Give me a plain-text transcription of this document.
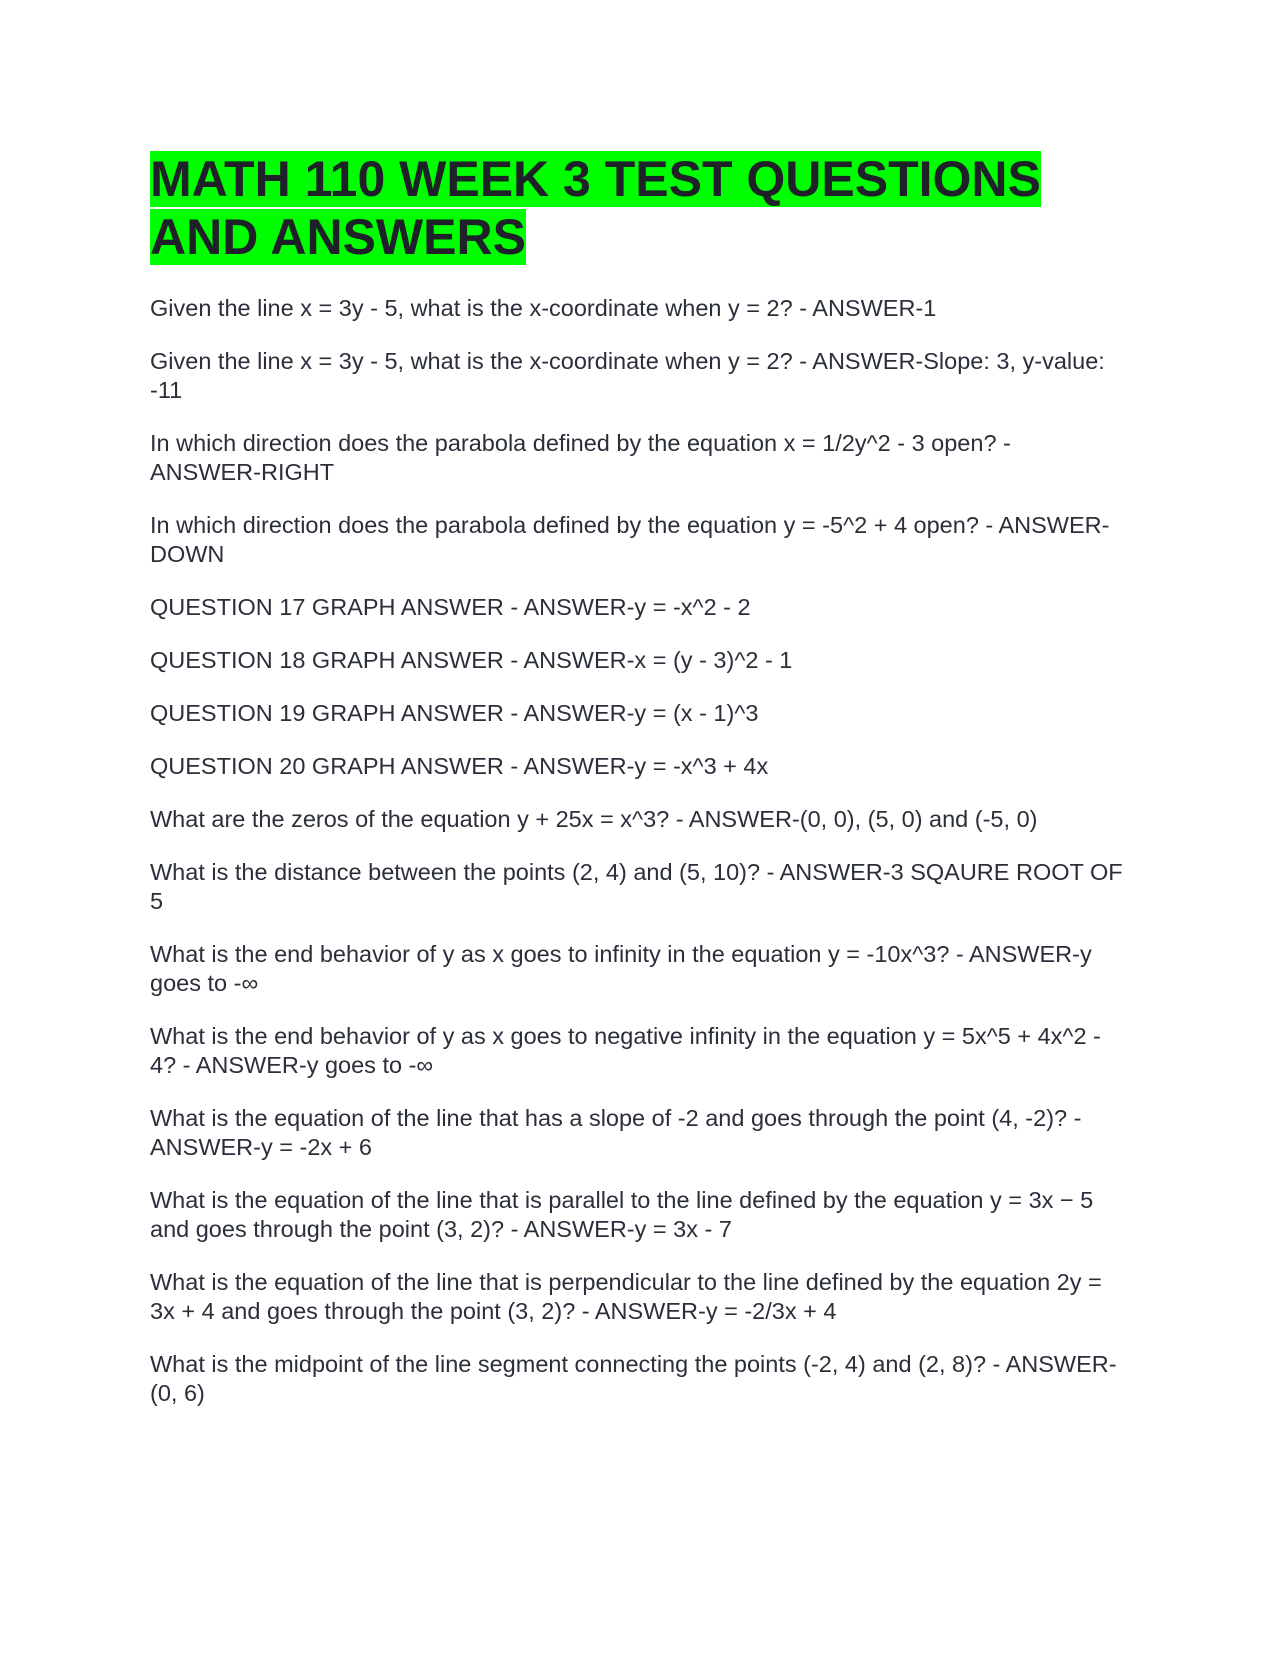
MATH 110 WEEK 3 TEST QUESTIONS AND ANSWERS

Given the line x = 3y - 5, what is the x-coordinate when y = 2? - ANSWER-1

Given the line x = 3y - 5, what is the x-coordinate when y = 2? - ANSWER-Slope: 3, y-value: -11

In which direction does the parabola defined by the equation x = 1/2y^2 - 3 open? - ANSWER-RIGHT

In which direction does the parabola defined by the equation y = -5^2 + 4 open? - ANSWER-DOWN

QUESTION 17 GRAPH ANSWER - ANSWER-y = -x^2 - 2

QUESTION 18 GRAPH ANSWER - ANSWER-x = (y - 3)^2 - 1

QUESTION 19 GRAPH ANSWER - ANSWER-y = (x - 1)^3

QUESTION 20 GRAPH ANSWER - ANSWER-y = -x^3 + 4x

What are the zeros of the equation y + 25x = x^3? - ANSWER-(0, 0), (5, 0) and (-5, 0)

What is the distance between the points (2, 4) and (5, 10)? - ANSWER-3 SQAURE ROOT OF 5

What is the end behavior of y as x goes to infinity in the equation y = -10x^3? - ANSWER-y goes to -∞

What is the end behavior of y as x goes to negative infinity in the equation y = 5x^5 + 4x^2 - 4? - ANSWER-y goes to -∞

What is the equation of the line that has a slope of -2 and goes through the point (4, -2)? - ANSWER-y = -2x + 6

What is the equation of the line that is parallel to the line defined by the equation y = 3x − 5 and goes through the point (3, 2)? - ANSWER-y = 3x - 7

What is the equation of the line that is perpendicular to the line defined by the equation 2y = 3x + 4 and goes through the point (3, 2)? - ANSWER-y = -2/3x + 4

What is the midpoint of the line segment connecting the points (-2, 4) and (2, 8)? - ANSWER-(0, 6)
